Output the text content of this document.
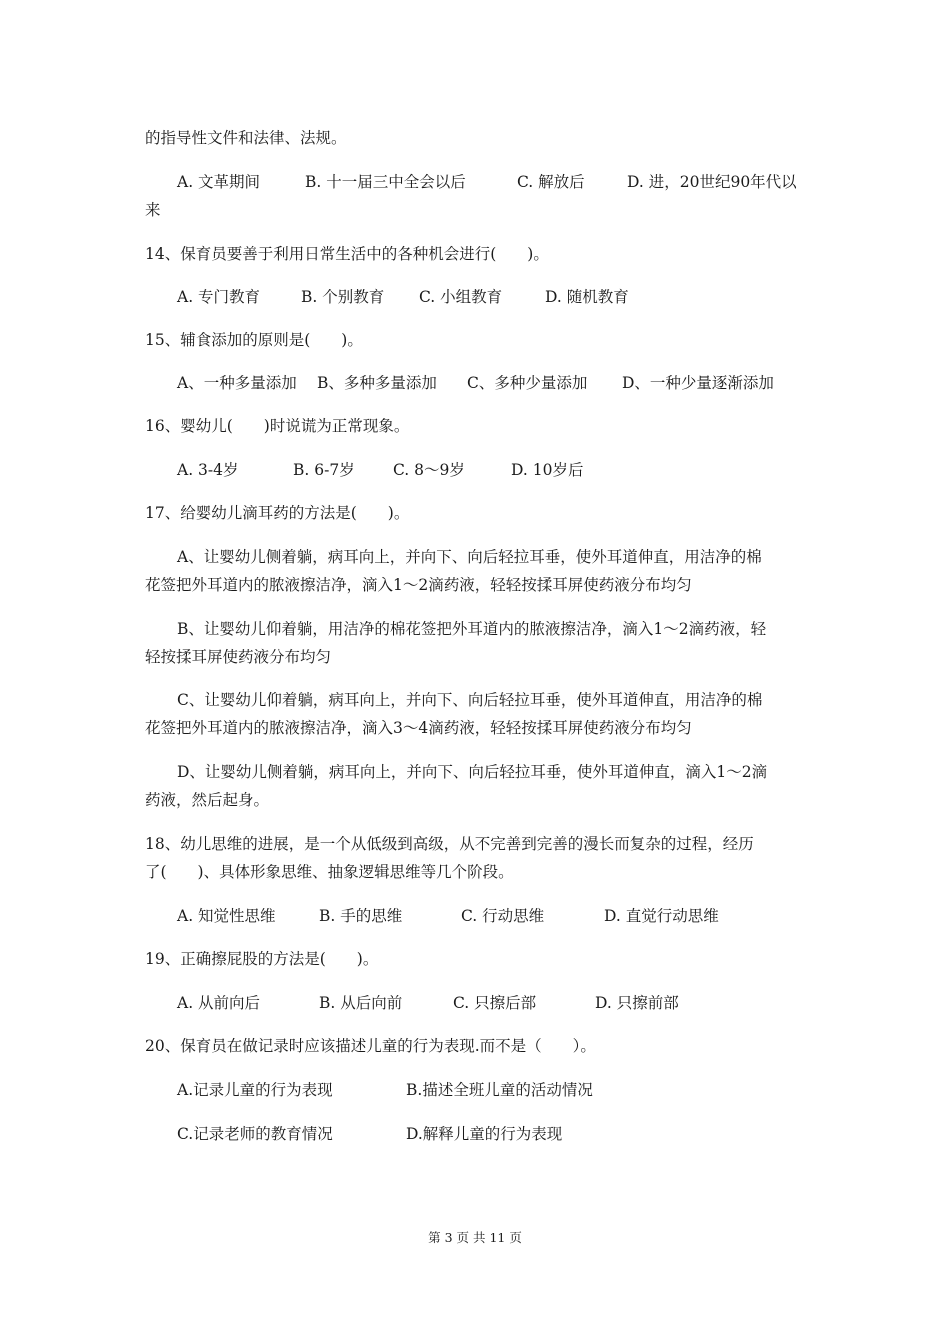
的指导性文件和法律、法规。
A. 文革期间	B. 十一届三中全会以后	C. 解放后	D. 进，20世纪90年代以
来
14、保育员要善于利用日常生活中的各种机会进行(　　)。
A. 专门教育	B. 个别教育 C. 小组教育	D. 随机教育
15、辅食添加的原则是(　　)。
A、一种多量添加 B、多种多量添加 C、多种少量添加 D、一种少量逐渐添加
16、婴幼儿(　　)时说谎为正常现象。
A. 3-4岁	B. 6-7岁 C. 8～9岁	D. 10岁后
17、给婴幼儿滴耳药的方法是(　　)。
A、让婴幼儿侧着躺，病耳向上，并向下、向后轻拉耳垂，使外耳道伸直，用洁净的棉
花签把外耳道内的脓液擦洁净，滴入1～2滴药液，轻轻按揉耳屏使药液分布均匀
B、让婴幼儿仰着躺，用洁净的棉花签把外耳道内的脓液擦洁净，滴入1～2滴药液，轻
轻按揉耳屏使药液分布均匀
C、让婴幼儿仰着躺，病耳向上，并向下、向后轻拉耳垂，使外耳道伸直，用洁净的棉
花签把外耳道内的脓液擦洁净，滴入3～4滴药液，轻轻按揉耳屏使药液分布均匀
D、让婴幼儿侧着躺，病耳向上，并向下、向后轻拉耳垂，使外耳道伸直，滴入1～2滴
药液，然后起身。
18、幼儿思维的进展，是一个从低级到高级，从不完善到完善的漫长而复杂的过程，经历
了(　　)、具体形象思维、抽象逻辑思维等几个阶段。
A. 知觉性思维	B. 手的思维	C. 行动思维	D. 直觉行动思维
19、正确擦屁股的方法是(　　)。
A. 从前向后	B. 从后向前	C. 只擦后部	D. 只擦前部
20、保育员在做记录时应该描述儿童的行为表现.而不是（　　）。
A.记录儿童的行为表现	B.描述全班儿童的活动情况
C.记录老师的教育情况	D.解释儿童的行为表现
第 3 页 共 11 页
